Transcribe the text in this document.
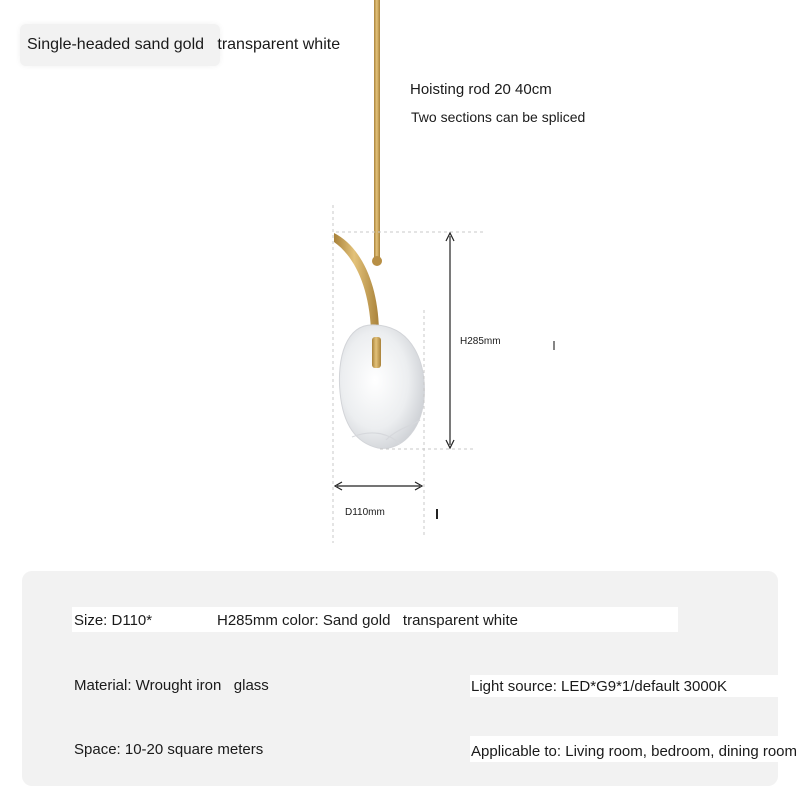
Single-headed sand gold   transparent white
Hoisting rod 20 40cm
Two sections can be spliced
H285mm
D110mm
Size: D110*	H285mm color: Sand gold   transparent white
Material: Wrought iron   glass	Light source: LED*G9*1/default 3000K
Space: 10-20 square meters	Applicable to: Living room, bedroom, dining room
